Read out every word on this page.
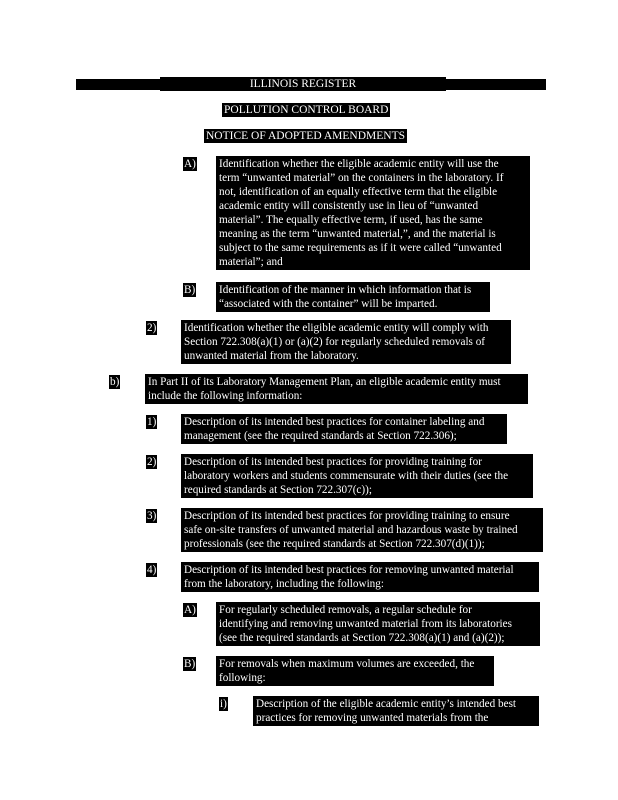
ILLINOIS REGISTER
POLLUTION CONTROL BOARD
NOTICE OF ADOPTED AMENDMENTS
A) Identification whether the eligible academic entity will use the
term “unwanted material” on the containers in the laboratory. If
not, identification of an equally effective term that the eligible
academic entity will consistently use in lieu of “unwanted
material”. The equally effective term, if used, has the same
meaning as the term “unwanted material,”, and the material is
subject to the same requirements as if it were called “unwanted
material”; and
B) Identification of the manner in which information that is
“associated with the container” will be imparted.
2) Identification whether the eligible academic entity will comply with
Section 722.308(a)(1) or (a)(2) for regularly scheduled removals of
unwanted material from the laboratory.
b)	In Part II of its Laboratory Management Plan, an eligible academic entity must
include the following information:
1) Description of its intended best practices for container labeling and
management (see the required standards at Section 722.306);
2) Description of its intended best practices for providing training for
laboratory workers and students commensurate with their duties (see the
required standards at Section 722.307(c));
3) Description of its intended best practices for providing training to ensure
safe on-site transfers of unwanted material and hazardous waste by trained
professionals (see the required standards at Section 722.307(d)(1));
4) Description of its intended best practices for removing unwanted material
from the laboratory, including the following:
A) For regularly scheduled removals, a regular schedule for
identifying and removing unwanted material from its laboratories
(see the required standards at Section 722.308(a)(1) and (a)(2));
B) For removals when maximum volumes are exceeded, the
following:
i)	Description of the eligible academic entity’s intended best
practices for removing unwanted materials from the
